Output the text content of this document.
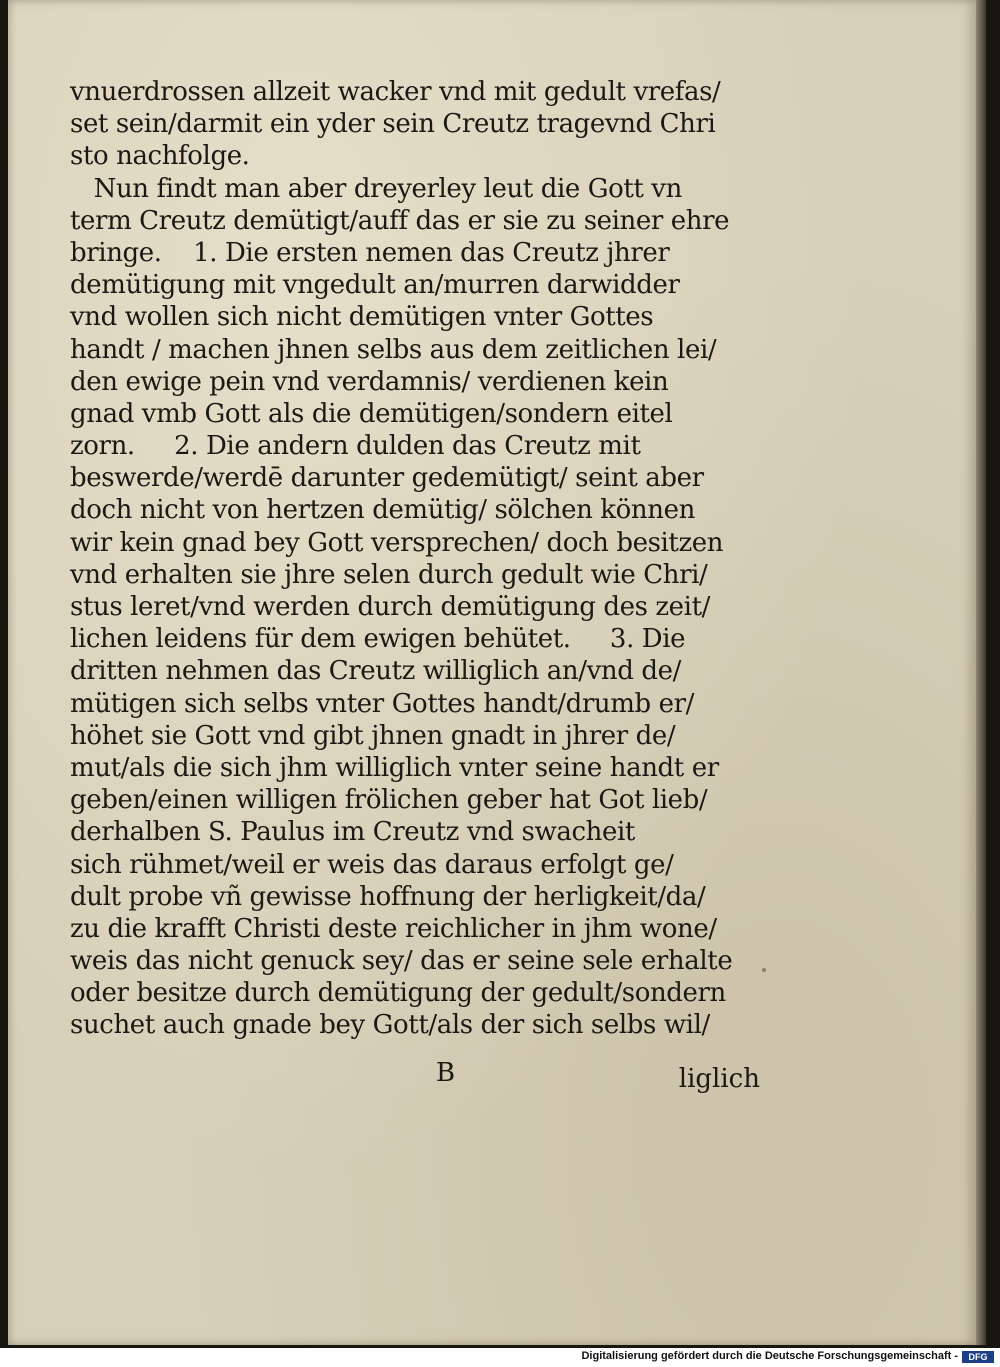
vnuerdrossen allzeit wacker vnd mit gedult vrefas/
set sein/darmit ein yder sein Creutz tragevnd Chri
sto nachfolge.
Nun findt man aber dreyerley leut die Gott vn
term Creutz demütigt/auff das er sie zu seiner ehre
bringe.    1. Die ersten nemen das Creutz jhrer
demütigung mit vngedult an/murren darwidder
vnd wollen sich nicht demütigen vnter Gottes
handt / machen jhnen selbs aus dem zeitlichen lei/
den ewige pein vnd verdamnis/ verdienen kein
gnad vmb Gott als die demütigen/sondern eitel
zorn.     2. Die andern dulden das Creutz mit
beswerde/werdē darunter gedemütigt/ seint aber
doch nicht von hertzen demütig/ sölchen können
wir kein gnad bey Gott versprechen/ doch besitzen
vnd erhalten sie jhre selen durch gedult wie Chri/
stus leret/vnd werden durch demütigung des zeit/
lichen leidens für dem ewigen behütet.     3. Die
dritten nehmen das Creutz williglich an/vnd de/
mütigen sich selbs vnter Gottes handt/drumb er/
höhet sie Gott vnd gibt jhnen gnadt in jhrer de/
mut/als die sich jhm williglich vnter seine handt er
geben/einen willigen frölichen geber hat Got lieb/
derhalben S. Paulus im Creutz vnd swacheit
sich rühmet/weil er weis das daraus erfolgt ge/
dult probe vñ gewisse hoffnung der herligkeit/da/
zu die krafft Christi deste reichlicher in jhm wone/
weis das nicht genuck sey/ das er seine sele erhalte
oder besitze durch demütigung der gedult/sondern
suchet auch gnade bey Gott/als der sich selbs wil/
B	liglich
Digitalisierung gefördert durch die Deutsche Forschungsgemeinschaft -	DFG
